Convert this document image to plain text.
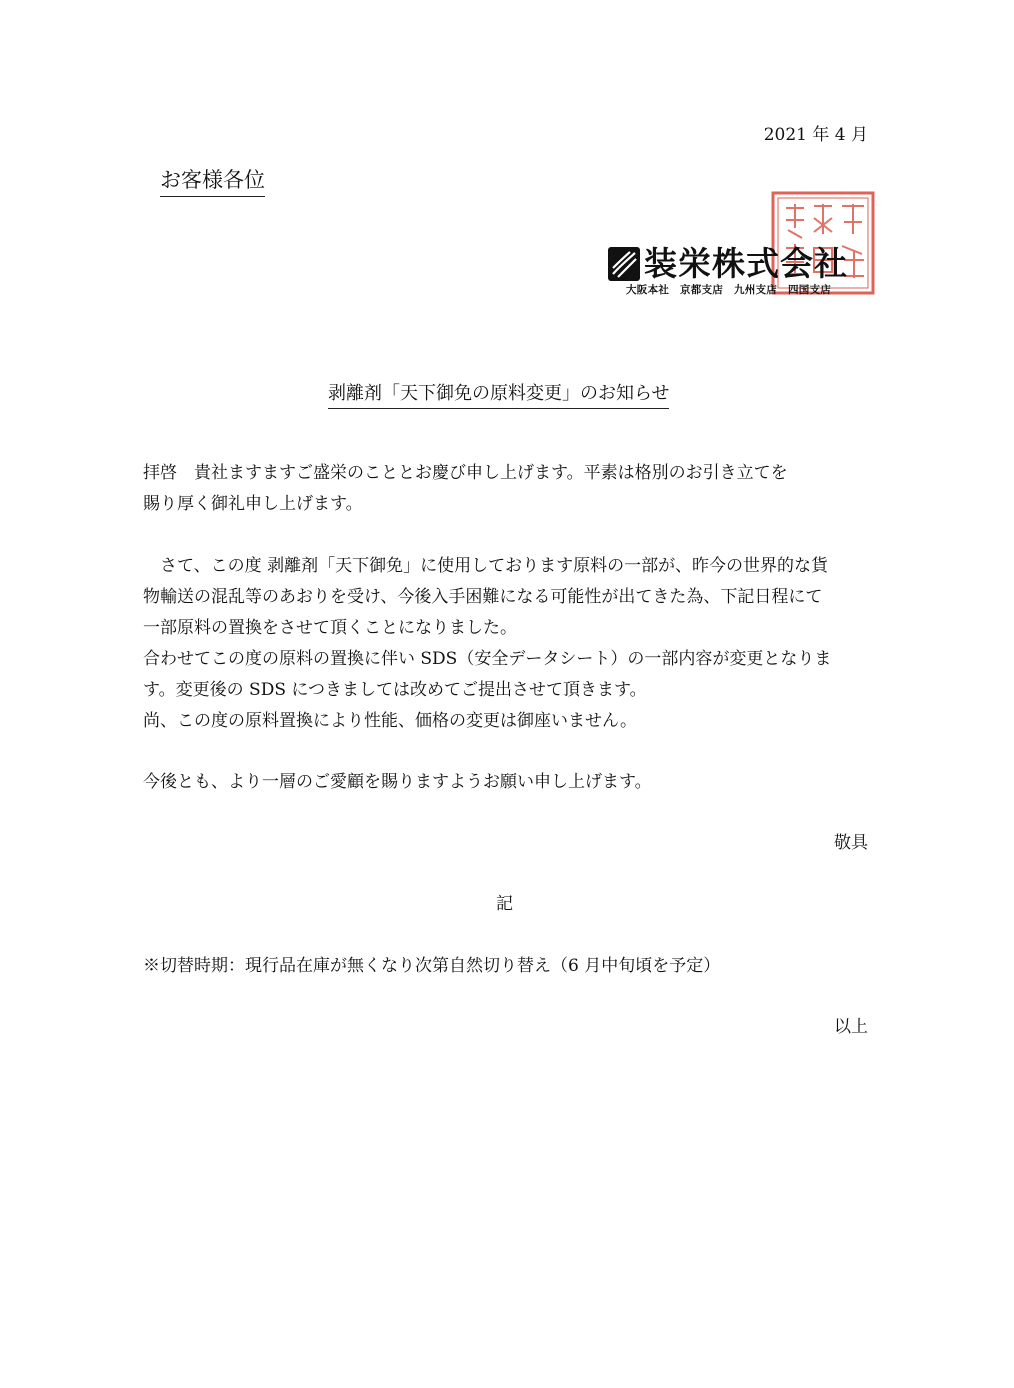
2021 年 4 月
お客様各位
装栄株式会社
大阪本社　京都支店　九州支店　四国支店
剥離剤「天下御免の原料変更」のお知らせ
拝啓　貴社ますますご盛栄のこととお慶び申し上げます。平素は格別のお引き立てを
賜り厚く御礼申し上げます。
　さて、この度 剥離剤「天下御免」に使用しております原料の一部が、昨今の世界的な貨
物輸送の混乱等のあおりを受け、今後入手困難になる可能性が出てきた為、下記日程にて
一部原料の置換をさせて頂くことになりました。
合わせてこの度の原料の置換に伴い SDS（安全データシート）の一部内容が変更となりま
す。変更後の SDS につきましては改めてご提出させて頂きます。
尚、この度の原料置換により性能、価格の変更は御座いません。
今後とも、より一層のご愛顧を賜りますようお願い申し上げます。
敬具
記
※切替時期：現行品在庫が無くなり次第自然切り替え（6 月中旬頃を予定）
以上
